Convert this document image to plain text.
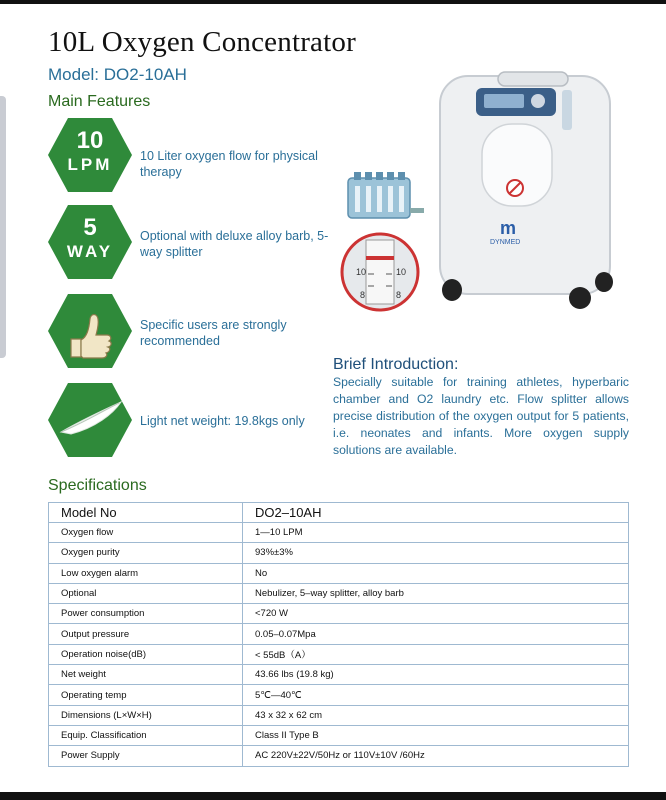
10L Oxygen Concentrator
Model: DO2-10AH
Main Features
10
LPM	10 Liter oxygen flow for physical therapy
5
WAY
Optional with deluxe alloy barb, 5-way splitter
Specific users are strongly recommended
Light net weight: 19.8kgs only
10	10
8	8
m
DYNMED
Brief Introduction:
Specially suitable for training athletes, hyperbaric chamber and O2 laundry etc. Flow splitter allows precise distribution of the oxygen output for 5 patients, i.e. neonates and infants. More oxygen supply solutions are available.
Specifications
Model No	DO2–10AH
Oxygen flow	1—10 LPM
Oxygen purity	93%±3%
Low oxygen alarm	No
Optional	Nebulizer, 5–way splitter, alloy barb
Power consumption	<720 W
Output pressure	0.05–0.07Mpa
Operation noise(dB)	< 55dB（A）
Net weight	43.66 lbs (19.8 kg)
Operating temp	5℃—40℃
Dimensions (L×W×H)	43 x 32 x 62 cm
Equip. Classification	Class II Type B
Power Supply	AC 220V±22V/50Hz or 110V±10V /60Hz
